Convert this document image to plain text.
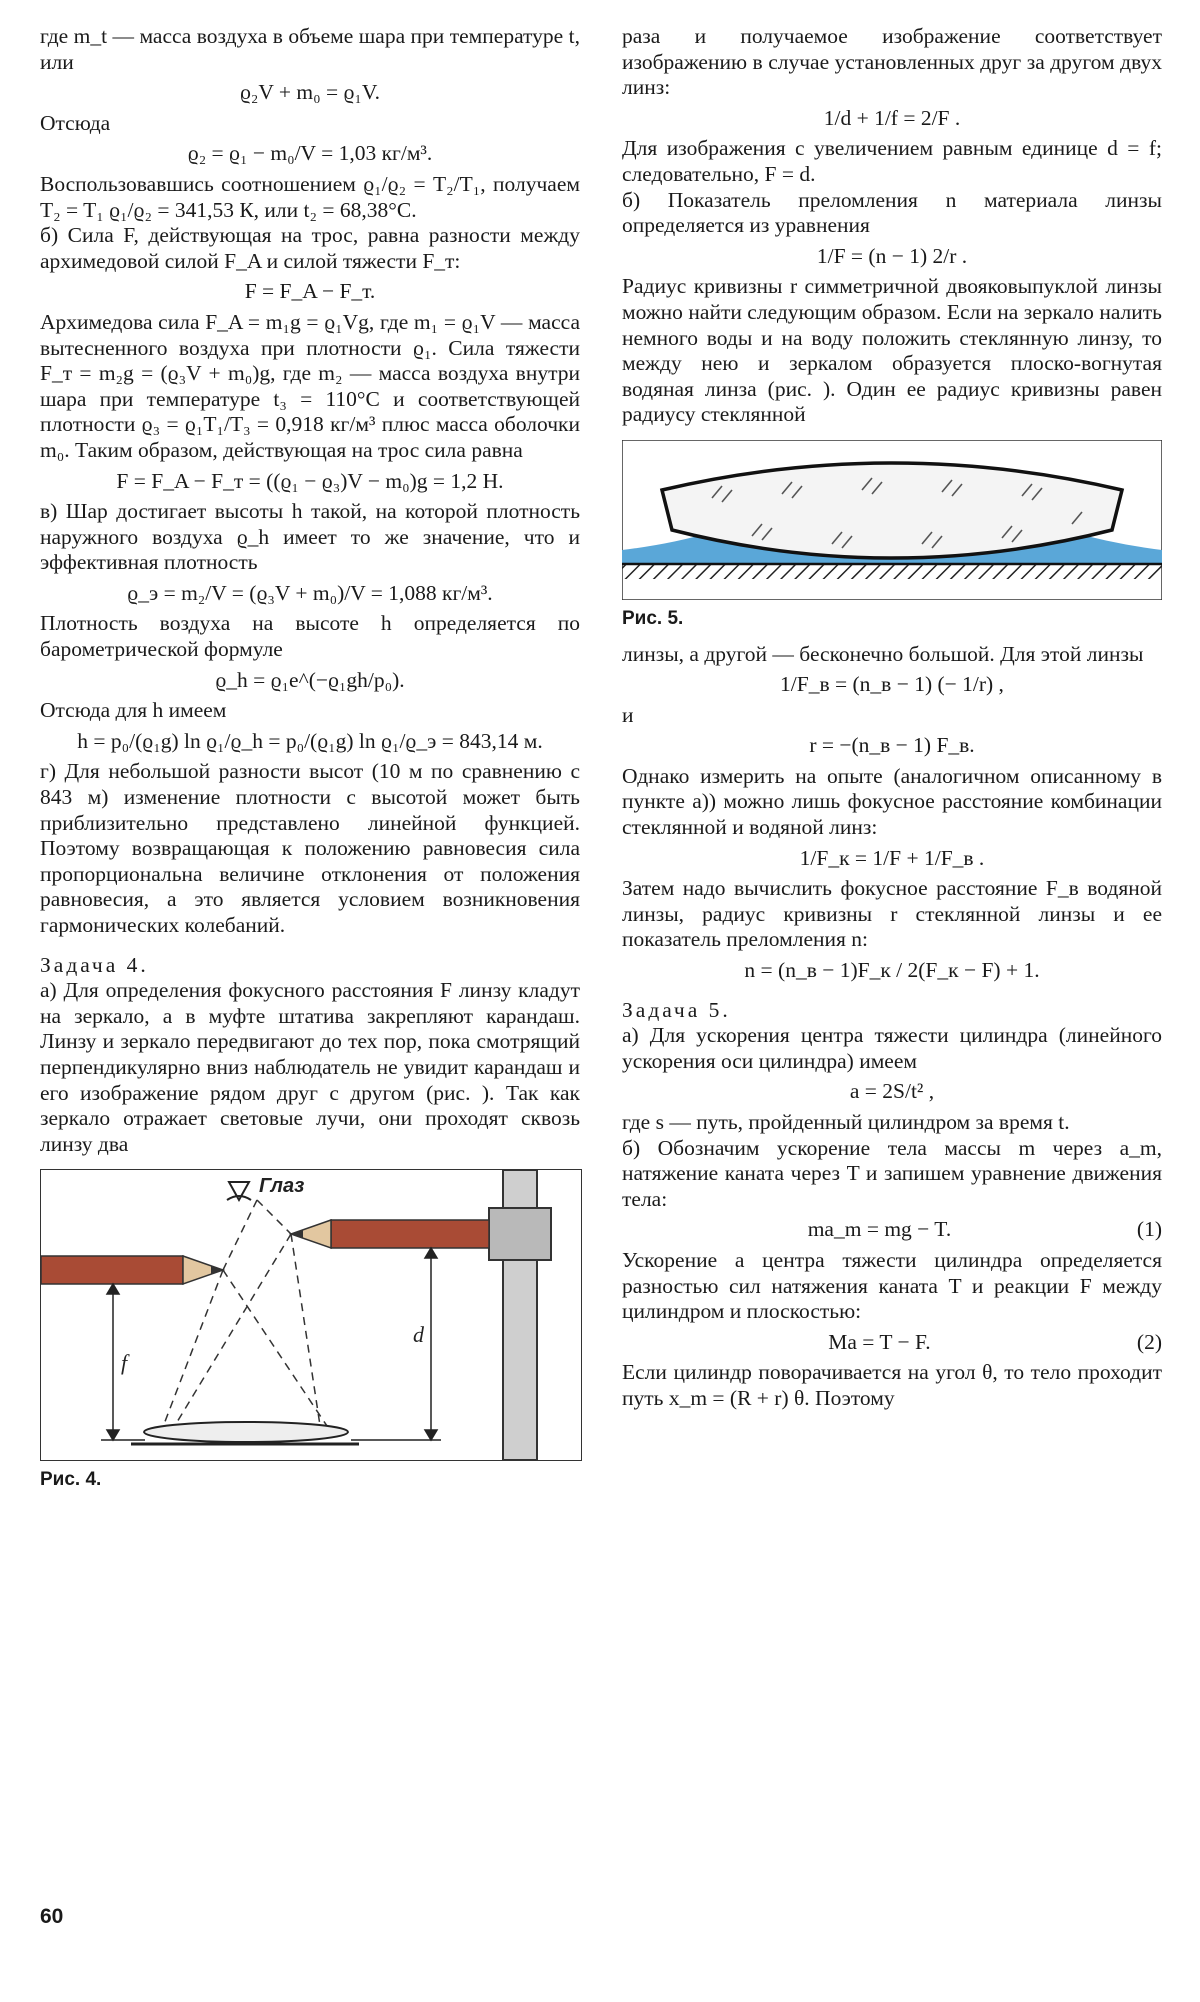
где m_t — масса воздуха в объеме шара при температуре t, или

ϱ₂V + m₀ = ϱ₁V.

Отсюда

ϱ₂ = ϱ₁ − m₀/V = 1,03 кг/м³.

Воспользовавшись соотношением ϱ₁/ϱ₂ = T₂/T₁, получаем T₂ = T₁ ϱ₁/ϱ₂ = 341,53 К, или t₂ = 68,38°C.

б) Сила F, действующая на трос, равна разности между архимедовой силой F_A и силой тяжести F_т:

F = F_A − F_т.

Архимедова сила F_A = m₁g = ϱ₁Vg, где m₁ = ϱ₁V — масса вытесненного воздуха при плотности ϱ₁. Сила тяжести F_т = m₂g = (ϱ₃V + m₀)g, где m₂ — масса воздуха внутри шара при температуре t₃ = 110°C и соответствующей плотности ϱ₃ = ϱ₁T₁/T₃ = 0,918 кг/м³ плюс масса оболочки m₀. Таким образом, действующая на трос сила равна

F = F_A − F_т = ((ϱ₁ − ϱ₃)V − m₀)g = 1,2 Н.

в) Шар достигает высоты h такой, на которой плотность наружного воздуха ϱ_h имеет то же значение, что и эффективная плотность

ϱ_э = m₂/V = (ϱ₃V + m₀)/V = 1,088 кг/м³.

Плотность воздуха на высоте h определяется по барометрической формуле

ϱ_h = ϱ₁e^(−ϱ₁gh/p₀).

Отсюда для h имеем

h = p₀/(ϱ₁g) ln ϱ₁/ϱ_h = p₀/(ϱ₁g) ln ϱ₁/ϱ_э = 843,14 м.

г) Для небольшой разности высот (10 м по сравнению с 843 м) изменение плотности с высотой может быть приблизительно представлено линейной функцией. Поэтому возвращающая к положению равновесия сила пропорциональна величине отклонения от положения равновесия, а это является условием возникновения гармонических колебаний.

Задача 4.

а) Для определения фокусного расстояния F линзу кладут на зеркало, а в муфте штатива закрепляют карандаш. Линзу и зеркало передвигают до тех пор, пока смотрящий перпендикулярно вниз наблюдатель не увидит карандаш и его изображение рядом друг с другом (рис. ). Так как зеркало отражает световые лучи, они проходят сквозь линзу два

Глаз
f
d

Рис. 4.

раза и получаемое изображение соответствует изображению в случае установленных друг за другом двух линз:

1/d + 1/f = 2/F .

Для изображения с увеличением равным единице d = f; следовательно, F = d.

б) Показатель преломления n материала линзы определяется из уравнения

1/F = (n − 1) 2/r .

Радиус кривизны r симметричной двояковыпуклой линзы можно найти следующим образом. Если на зеркало налить немного воды и на воду положить стеклянную линзу, то между нею и зеркалом образуется плоско-вогнутая водяная линза (рис. ). Один ее радиус кривизны равен радиусу стеклянной

Рис. 5.

линзы, а другой — бесконечно большой. Для этой линзы

1/F_в = (n_в − 1) (− 1/r) ,

и

r = −(n_в − 1) F_в.

Однако измерить на опыте (аналогичном описанному в пункте а)) можно лишь фокусное расстояние комбинации стеклянной и водяной линз:

1/F_к = 1/F + 1/F_в .

Затем надо вычислить фокусное расстояние F_в водяной линзы, радиус кривизны r стеклянной линзы и ее показатель преломления n:

n = (n_в − 1)F_к / 2(F_к − F) + 1.

Задача 5.

а) Для ускорения центра тяжести цилиндра (линейного ускорения оси цилиндра) имеем

a = 2S/t² ,

где s — путь, пройденный цилиндром за время t.

б) Обозначим ускорение тела массы m через a_m, натяжение каната через T и запишем уравнение движения тела:

ma_m = mg − T.	(1)

Ускорение a центра тяжести цилиндра определяется разностью сил натяжения каната T и реакции F между цилиндром и плоскостью:

Ma = T − F.	(2)

Если цилиндр поворачивается на угол θ, то тело проходит путь x_m = (R + r) θ. Поэтому

60
